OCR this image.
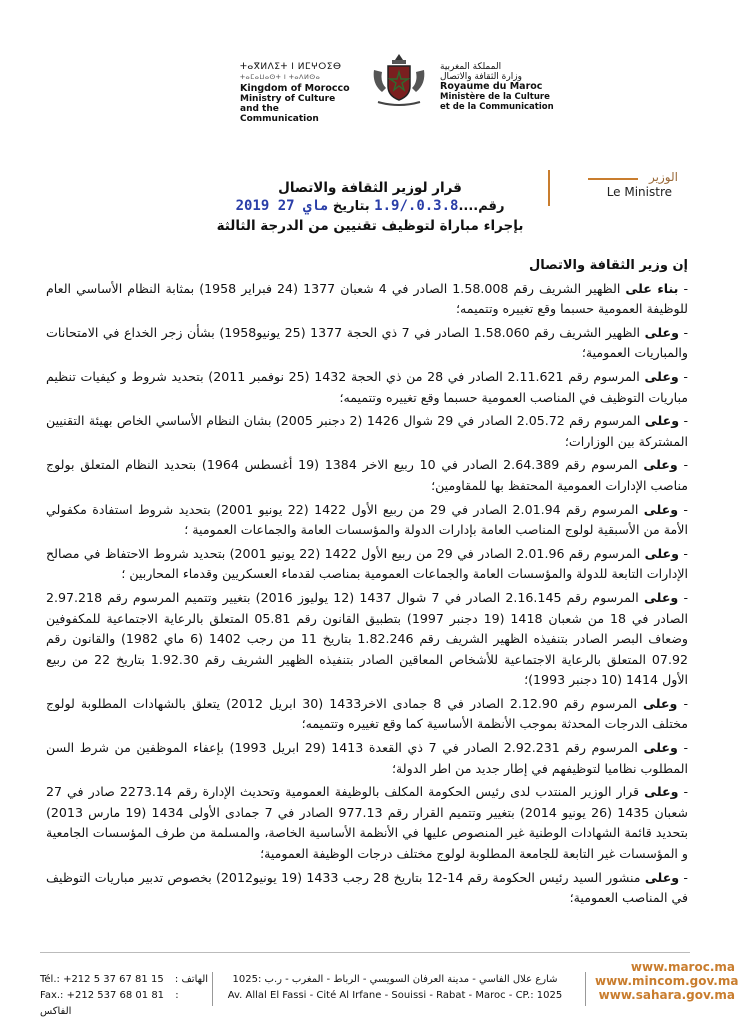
ⵜⴰⴳⵍⴷⵉⵜ ⵏ ⵍⵎⵖⵔⵉⴱ
ⵜⴰⵎⴰⵡⴰⵙⵜ ⵏ ⵜⴰⴷⵍⵙⴰ
Kingdom of Morocco
Ministry of Culture
and the Communication
المملكة المغربية
وزارة الثقافة والاتصال
Royaume du Maroc
Ministère de la Culture
et de la Communication
الوزير
Le Ministre
قرار لوزير الثقافة والاتصال
رقم....1.9/.0.3.8 بتاريخ 2019 ماي 27
بإجراء مباراة لتوظيف تقنيين من الدرجة الثالثة
إن وزير الثقافة والاتصال
- بناء على الظهير الشريف رقم 1.58.008 الصادر في 4 شعبان 1377 (24 فبراير 1958) بمثابة النظام الأساسي العام للوظيفة العمومية حسبما وقع تغييره وتتميمه؛
- وعلى الظهير الشريف رقم 1.58.060 الصادر في 7 ذي الحجة 1377 (25 يونيو1958) بشأن زجر الخداع في الامتحانات والمباريات العمومية؛
- وعلى المرسوم رقم 2.11.621 الصادر في 28 من ذي الحجة 1432 (25 نوفمبر 2011) بتحديد شروط و كيفيات تنظيم مباريات التوظيف في المناصب العمومية حسبما وقع تغييره وتتميمه؛
- وعلى المرسوم رقم 2.05.72 الصادر في 29 شوال 1426 (2 دجنبر 2005) بشان النظام الأساسي الخاص بهيئة التقنيين المشتركة بين الوزارات؛
- وعلى المرسوم رقم 2.64.389 الصادر في 10 ربيع الاخر 1384 (19 أغسطس 1964) بتحديد النظام المتعلق بولوج مناصب الإدارات العمومية المحتفظ بها للمقاومين؛
- وعلى المرسوم رقم 2.01.94 الصادر في 29 من ربيع الأول 1422 (22 يونيو 2001) بتحديد شروط استفادة مكفولي الأمة من الأسبقية لولوج المناصب العامة بإدارات الدولة والمؤسسات العامة والجماعات العمومية ؛
- وعلى المرسوم رقم 2.01.96 الصادر في 29 من ربيع الأول 1422 (22 يونيو 2001) بتحديد شروط الاحتفاظ في مصالح الإدارات التابعة للدولة والمؤسسات العامة والجماعات العمومية بمناصب لقدماء العسكريين وقدماء المحاربين ؛
- وعلى المرسوم رقم 2.16.145 الصادر في 7 شوال 1437 (12 يوليوز 2016) بتغيير وتتميم المرسوم رقم 2.97.218 الصادر في 18 من شعبان 1418 (19 دجنبر 1997) بتطبيق القانون رقم 05.81 المتعلق بالرعاية الاجتماعية للمكفوفين وضعاف البصر الصادر بتنفيذه الظهير الشريف رقم 1.82.246 بتاريخ 11 من رجب 1402 (6 ماي 1982) والقانون رقم 07.92 المتعلق بالرعاية الاجتماعية للأشخاص المعاقين الصادر بتنفيذه الظهير الشريف رقم 1.92.30 بتاريخ 22 من ربيع الأول 1414 (10 دجنبر 1993)؛
- وعلى المرسوم رقم 2.12.90 الصادر في 8 جمادى الاخر1433 (30 ابريل 2012) يتعلق بالشهادات المطلوبة لولوج مختلف الدرجات المحدثة بموجب الأنظمة الأساسية كما وقع تغييره وتتميمه؛
- وعلى المرسوم رقم 2.92.231 الصادر في 7 ذي القعدة 1413 (29 ابريل 1993) بإعفاء الموظفين من شرط السن المطلوب نظاميا لتوظيفهم في إطار جديد من اطر الدولة؛
- وعلى قرار الوزير المنتدب لدى رئيس الحكومة المكلف بالوظيفة العمومية وتحديث الإدارة رقم 2273.14 صادر في 27 شعبان 1435 (26 يونيو 2014) بتغيير وتتميم القرار رقم 977.13 الصادر في 7 جمادى الأولى 1434 (19 مارس 2013) بتحديد قائمة الشهادات الوطنية غير المنصوص عليها في الأنظمة الأساسية الخاصة، والمسلمة من طرف المؤسسات الجامعية و المؤسسات غير التابعة للجامعة المطلوبة لولوج مختلف درجات الوظيفة العمومية؛
- وعلى منشور السيد رئيس الحكومة رقم 14-12 بتاريخ 28 رجب 1433 (19 يونيو2012) بخصوص تدبير مباريات التوظيف في المناصب العمومية؛
Tél.: +212 5 37 67 81 15 : الهاتف
Fax.: +212 537 68 01 81 : الفاكس
شارع علال الفاسي - مدينة العرفان السويسي - الرباط - المغرب - ر.ب :1025
Av. Allal El Fassi - Cité Al Irfane - Souissi - Rabat - Maroc - CP.: 1025
www.maroc.ma
www.mincom.gov.ma
www.sahara.gov.ma
